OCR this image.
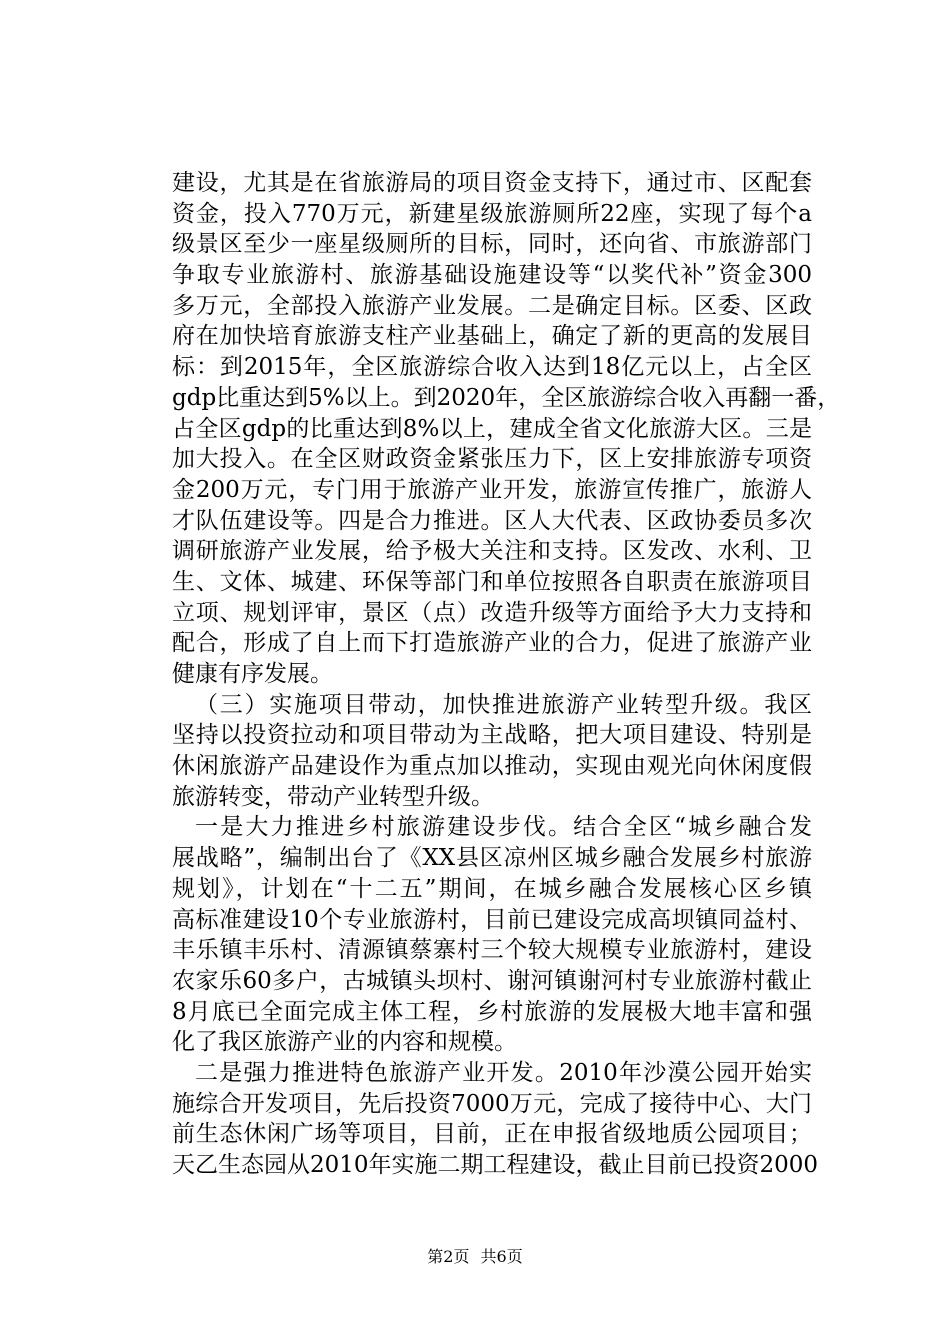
建设，尤其是在省旅游局的项目资金支持下，通过市、区配套
资金，投入770万元，新建星级旅游厕所22座，实现了每个a
级景区至少一座星级厕所的目标，同时，还向省、市旅游部门
争取专业旅游村、旅游基础设施建设等“以奖代补”资金300
多万元，全部投入旅游产业发展。二是确定目标。区委、区政
府在加快培育旅游支柱产业基础上，确定了新的更高的发展目
标：到2015年，全区旅游综合收入达到18亿元以上，占全区
gdp比重达到5%以上。到2020年，全区旅游综合收入再翻一番，
占全区gdp的比重达到8%以上，建成全省文化旅游大区。三是
加大投入。在全区财政资金紧张压力下，区上安排旅游专项资
金200万元，专门用于旅游产业开发，旅游宣传推广，旅游人
才队伍建设等。四是合力推进。区人大代表、区政协委员多次
调研旅游产业发展，给予极大关注和支持。区发改、水利、卫
生、文体、城建、环保等部门和单位按照各自职责在旅游项目
立项、规划评审，景区（点）改造升级等方面给予大力支持和
配合，形成了自上而下打造旅游产业的合力，促进了旅游产业
健康有序发展。
（三）实施项目带动，加快推进旅游产业转型升级。我区
坚持以投资拉动和项目带动为主战略，把大项目建设、特别是
休闲旅游产品建设作为重点加以推动，实现由观光向休闲度假
旅游转变，带动产业转型升级。
一是大力推进乡村旅游建设步伐。结合全区“城乡融合发
展战略”，编制出台了《XX县区凉州区城乡融合发展乡村旅游
规划》，计划在“十二五”期间，在城乡融合发展核心区乡镇
高标准建设10个专业旅游村，目前已建设完成高坝镇同益村、
丰乐镇丰乐村、清源镇蔡寨村三个较大规模专业旅游村，建设
农家乐60多户，古城镇头坝村、谢河镇谢河村专业旅游村截止
8月底已全面完成主体工程，乡村旅游的发展极大地丰富和强
化了我区旅游产业的内容和规模。
二是强力推进特色旅游产业开发。2010年沙漠公园开始实
施综合开发项目，先后投资7000万元，完成了接待中心、大门
前生态休闲广场等项目，目前，正在申报省级地质公园项目；
天乙生态园从2010年实施二期工程建设，截止目前已投资2000
第2页 共6页
